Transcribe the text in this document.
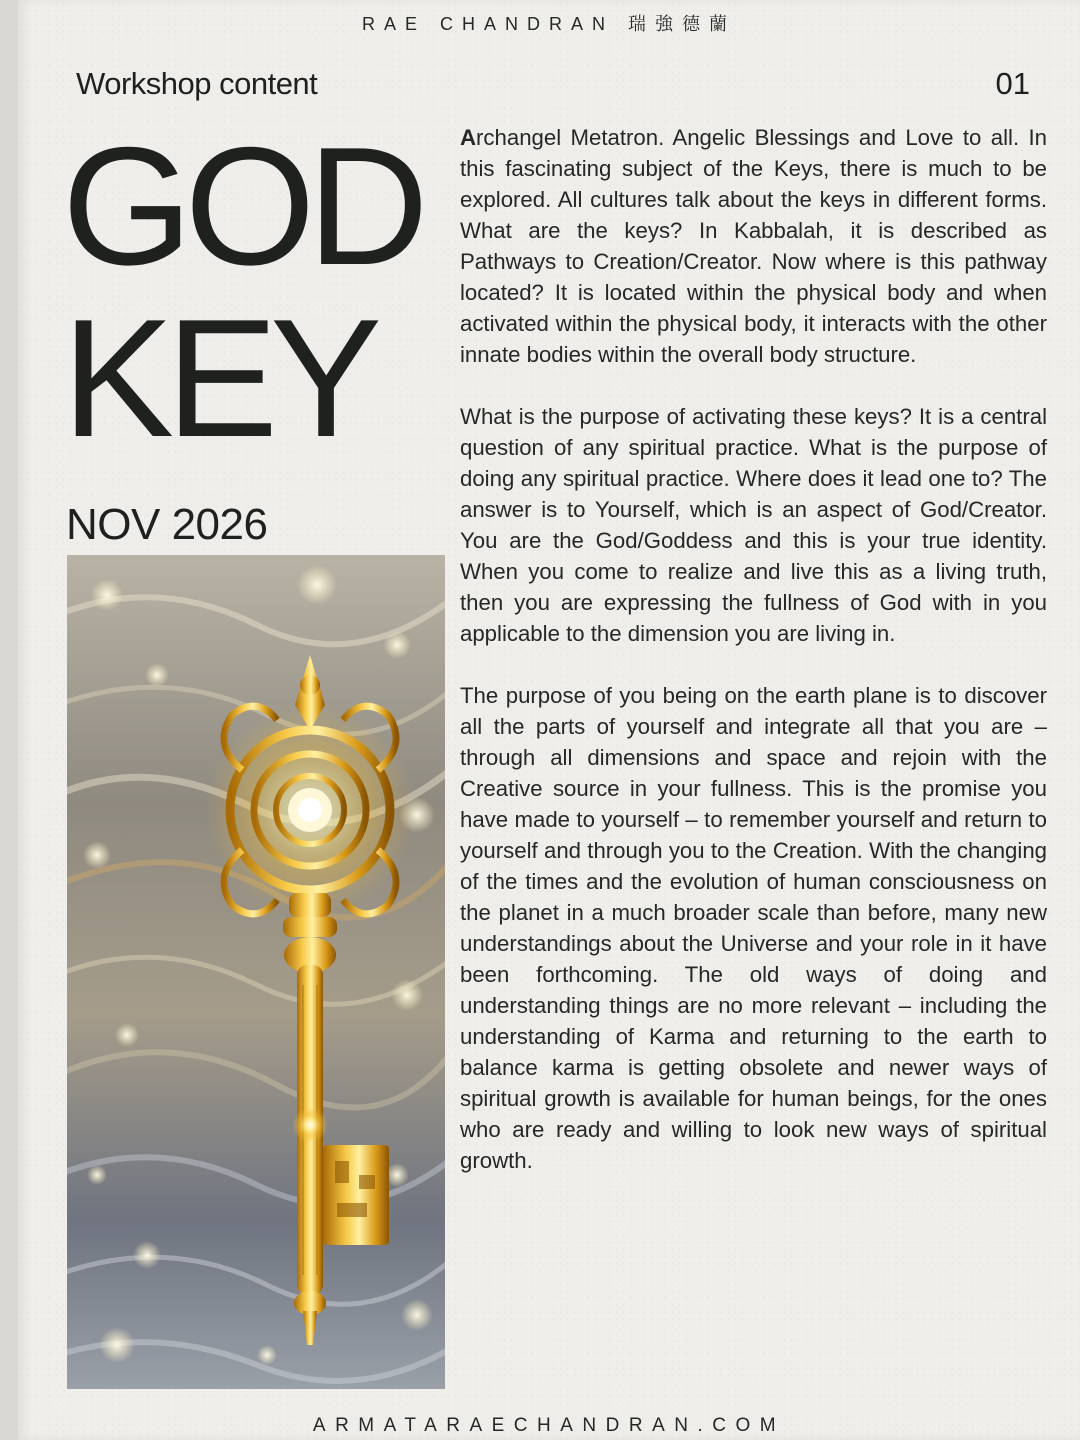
RAE CHANDRAN 瑞強德蘭
Workshop content	01
GOD
KEY
NOV 2026

Archangel Metatron. Angelic Blessings and Love to all. In this fascinating subject of the Keys, there is much to be explored. All cultures talk about the keys in different forms. What are the keys? In Kabbalah, it is described as Pathways to Creation/Creator. Now where is this pathway located? It is located within the physical body and when activated within the physical body, it interacts with the other innate bodies within the overall body structure.

What is the purpose of activating these keys? It is a central question of any spiritual practice. What is the purpose of doing any spiritual practice. Where does it lead one to? The answer is to Yourself, which is an aspect of God/Creator. You are the God/Goddess and this is your true identity. When you come to realize and live this as a living truth, then you are expressing the fullness of God with in you applicable to the dimension you are living in.

The purpose of you being on the earth plane is to discover all the parts of yourself and integrate all that you are – through all dimensions and space and rejoin with the Creative source in your fullness. This is the promise you have made to yourself – to remember yourself and return to yourself and through you to the Creation. With the changing of the times and the evolution of human consciousness on the planet in a much broader scale than before, many new understandings about the Universe and your role in it have been forthcoming. The old ways of doing and understanding things are no more relevant – including the understanding of Karma and returning to the earth to balance karma is getting obsolete and newer ways of spiritual growth is available for human beings, for the ones who are ready and willing to look new ways of spiritual growth.

ARMATARAECHANDRAN.COM
